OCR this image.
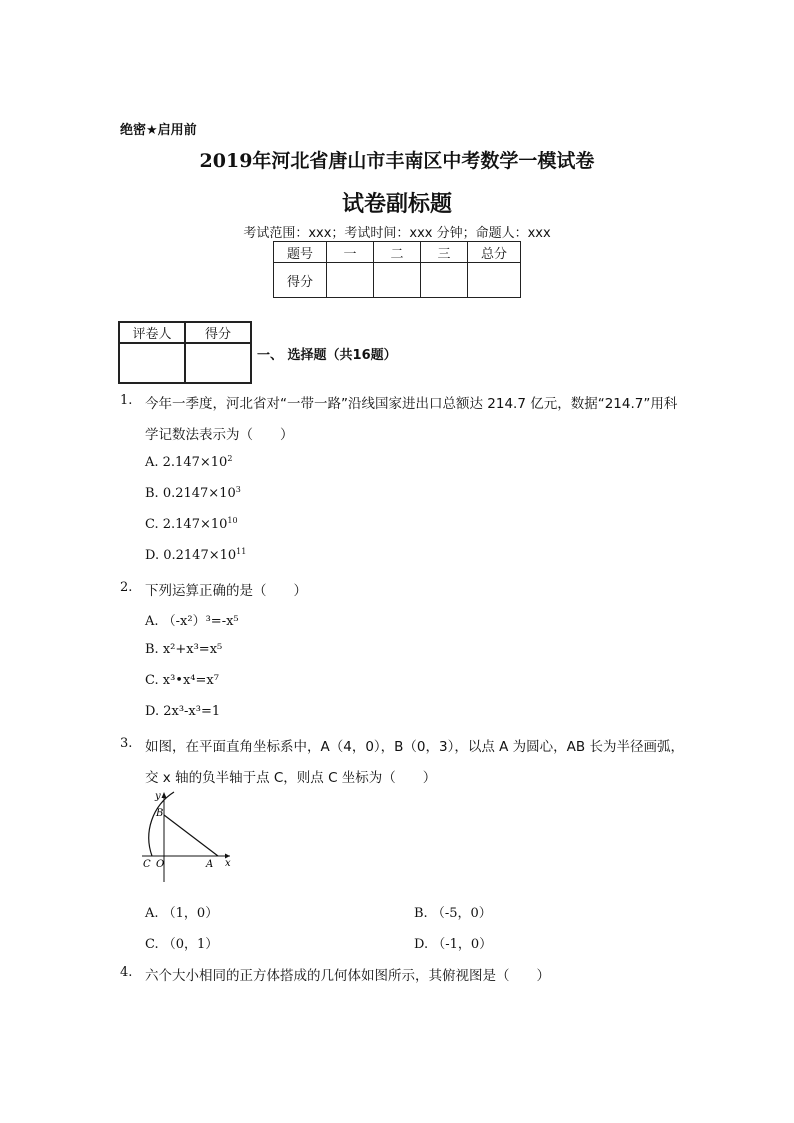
绝密★启用前
2019年河北省唐山市丰南区中考数学一模试卷
试卷副标题
考试范围：xxx；考试时间：xxx 分钟；命题人：xxx
题号	一	二	三	总分
得分				
评卷人	得分

一、 选择题（共16题）
1. 今年一季度，河北省对“一带一路”沿线国家进出口总额达 214.7 亿元，数据“214.7”用科
学记数法表示为（　　）
A. $2.147\times 10^2$
B. $0.2147\times 10^3$
C. $2.147\times 10^{10}$
D. $0.2147\times 10^{11}$
2. 下列运算正确的是（　　）
A. （-x²）³=-x⁵
B. x²+x³=x⁵
C. x³•x⁴=x⁷
D. 2x³-x³=1
3. 如图，在平面直角坐标系中，A（4，0），B（0，3），以点 A 为圆心，AB 长为半径画弧，
交 x 轴的负半轴于点 C，则点 C 坐标为（　　）
y
x
B
C O	A
A. （1，0）	B. （-5，0）
C. （0，1）	D. （-1，0）
4. 六个大小相同的正方体搭成的几何体如图所示，其俯视图是（　　）
